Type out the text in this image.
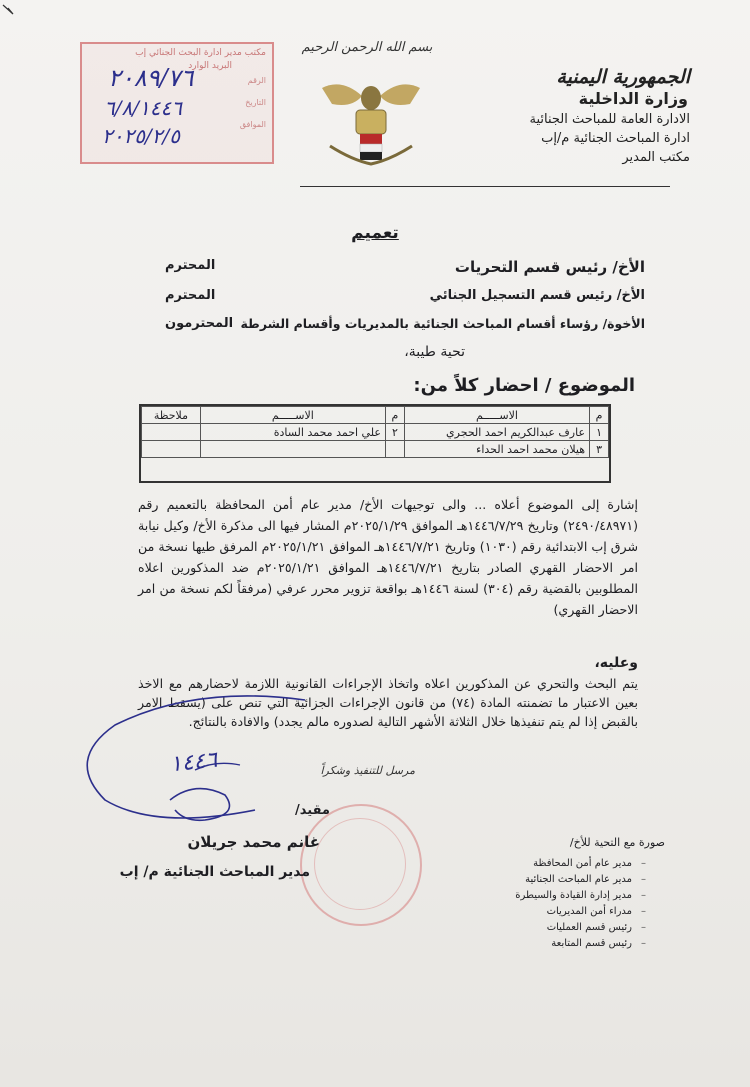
مكتب مدير ادارة البحث الجنائي إب
البريد الوارد
الرقم
التاريخ
الموافق
٢٠٨٩/٧٦
٦/٨/١٤٤٦
٢٠٢٥/٢/٥
بسم الله الرحمن الرحيم
الجمهورية اليمنية
وزارة الداخلية
الادارة العامة للمباحث الجنائية
ادارة المباحث الجنائية م/إب
مكتب المدير
تعميم
الأخ/ رئيس قسم التحريات
المحترم
الأخ/ رئيس قسم التسجيل الجنائي
المحترم
الأخوة/ رؤساء أقسام المباحث الجنائية بالمديريات وأقسام الشرطة
المحترمون
تحية طيبة،
الموضوع / احضار كلاً من:
م	الاســـــم	م	الاســـــم	ملاحظة
١	عارف عبدالكريم احمد الحجري	٢	علي احمد محمد السادة	
٣	هيلان محمد احمد الحداء			
إشارة إلى الموضوع أعلاه ... والى توجيهات الأخ/ مدير عام أمن المحافظة بالتعميم رقم (٢٤٩٠/٤٨٩٧١) وتاريخ ١٤٤٦/٧/٢٩هـ الموافق ٢٠٢٥/١/٢٩م المشار فيها الى مذكرة الأخ/ وكيل نيابة شرق إب الابتدائية رقم (١٠٣٠) وتاريخ ١٤٤٦/٧/٢١هـ الموافق ٢٠٢٥/١/٢١م المرفق طيها نسخة من امر الاحضار القهري الصادر بتاريخ ١٤٤٦/٧/٢١هـ الموافق ٢٠٢٥/١/٢١م ضد المذكورين اعلاه المطلوبين بالقضية رقم (٣٠٤) لسنة ١٤٤٦هـ بواقعة تزوير محرر عرفي (مرفقاً لكم نسخة من امر الاحضار القهري)
وعليه،
يتم البحث والتحري عن المذكورين اعلاه واتخاذ الإجراءات القانونية اللازمة لاحضارهم مع الاخذ بعين الاعتبار ما تضمنته المادة (٧٤) من قانون الإجراءات الجزائية التي تنص على (يسقط الامر بالقبض إذا لم يتم تنفيذها خلال الثلاثة الأشهر التالية لصدوره مالم يجدد) والافادة بالنتائج.
مرسل للتنفيذ وشكراً
١٤٤٦
مقيد/
غانم محمد جريلان
مدير المباحث الجنائية م/ إب
صورة مع التحية للأخ/
– مدير عام أمن المحافظة
– مدير عام المباحث الجنائية
– مدير إدارة القيادة والسيطرة
– مدراء أمن المديريات
– رئيس قسم العمليات
– رئيس قسم المتابعة
